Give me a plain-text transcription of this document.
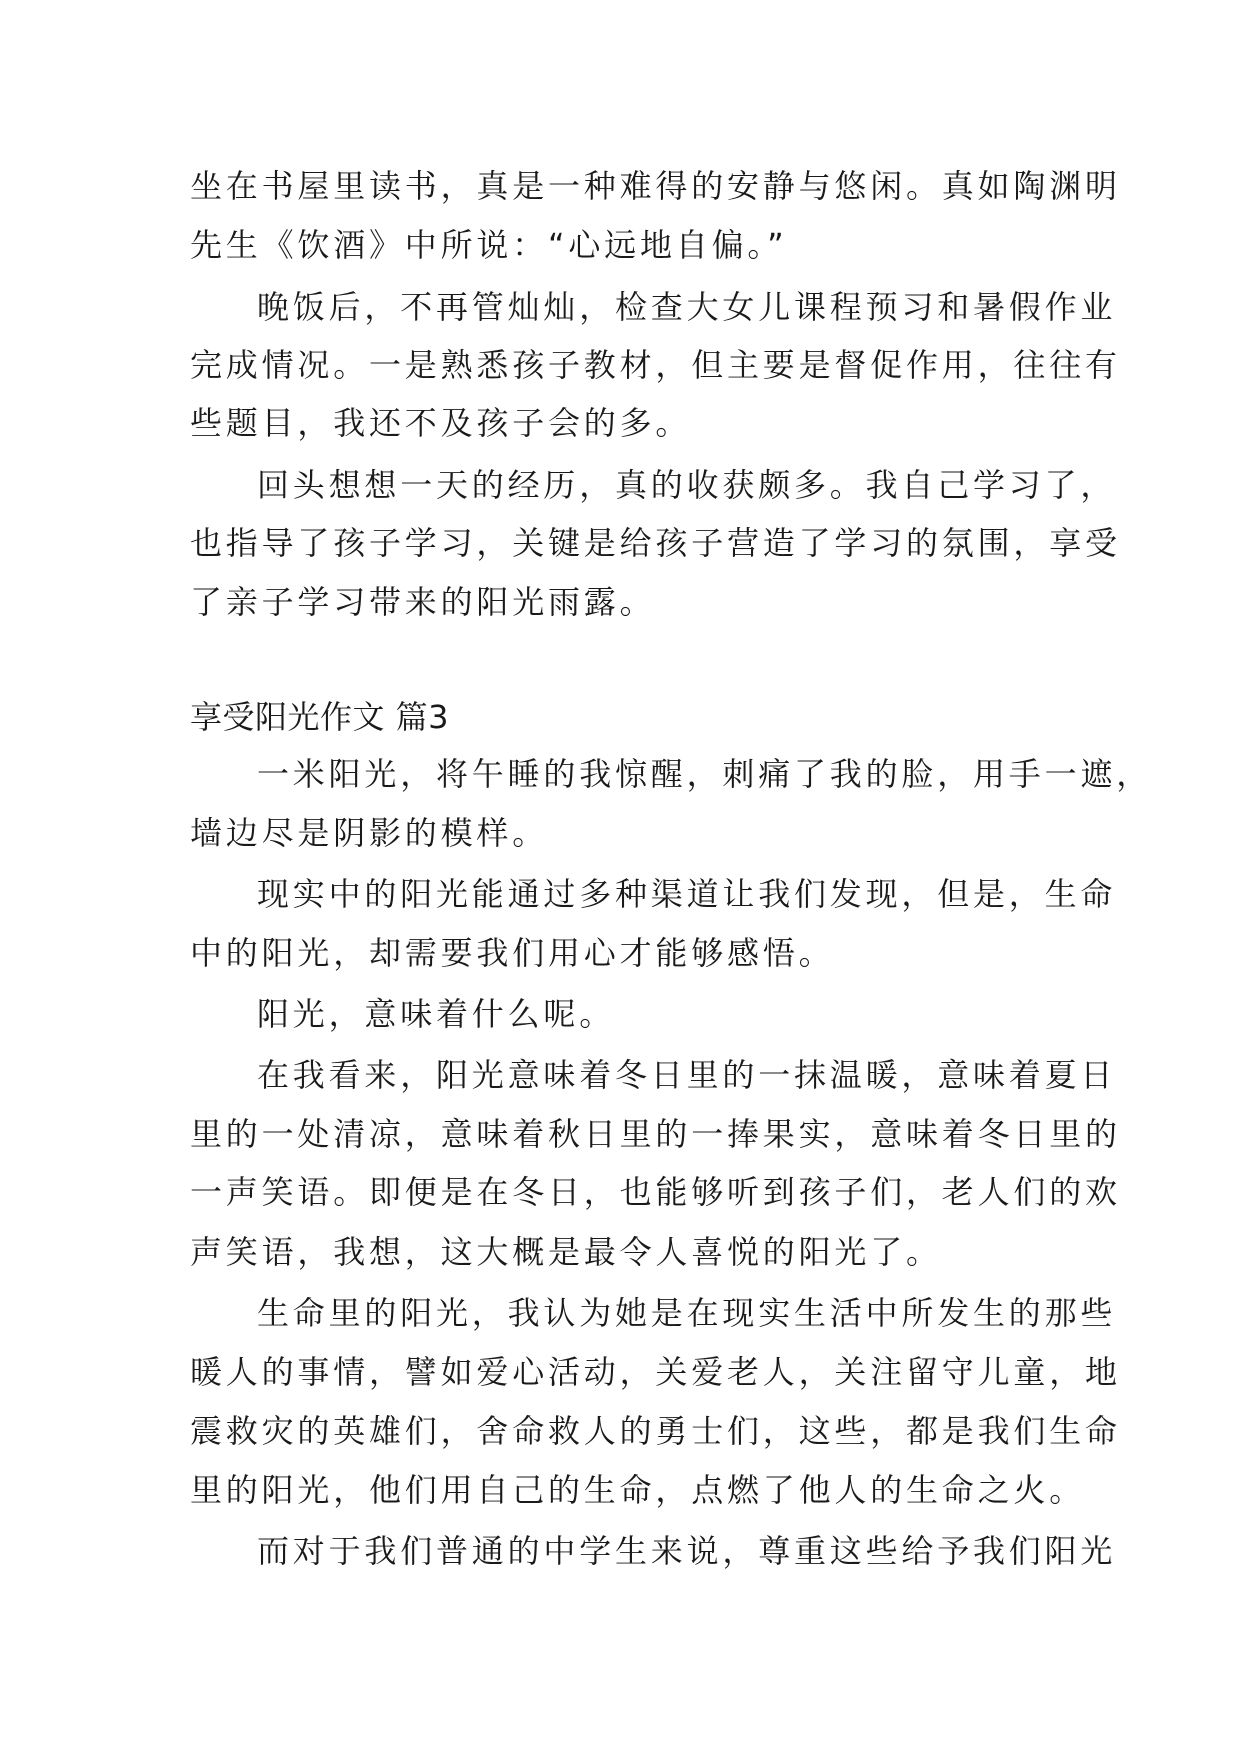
坐在书屋里读书，真是一种难得的安静与悠闲。真如陶渊明
先生《饮酒》中所说：“心远地自偏。”
晚饭后，不再管灿灿，检查大女儿课程预习和暑假作业
完成情况。一是熟悉孩子教材，但主要是督促作用，往往有
些题目，我还不及孩子会的多。
回头想想一天的经历，真的收获颇多。我自己学习了，
也指导了孩子学习，关键是给孩子营造了学习的氛围，享受
了亲子学习带来的阳光雨露。
享受阳光作文 篇3
一米阳光，将午睡的我惊醒，刺痛了我的脸，用手一遮，
墙边尽是阴影的模样。
现实中的阳光能通过多种渠道让我们发现，但是，生命
中的阳光，却需要我们用心才能够感悟。
阳光，意味着什么呢。
在我看来，阳光意味着冬日里的一抹温暖，意味着夏日
里的一处清凉，意味着秋日里的一捧果实，意味着冬日里的
一声笑语。即便是在冬日，也能够听到孩子们，老人们的欢
声笑语，我想，这大概是最令人喜悦的阳光了。
生命里的阳光，我认为她是在现实生活中所发生的那些
暖人的事情，譬如爱心活动，关爱老人，关注留守儿童，地
震救灾的英雄们，舍命救人的勇士们，这些，都是我们生命
里的阳光，他们用自己的生命，点燃了他人的生命之火。
而对于我们普通的中学生来说，尊重这些给予我们阳光
